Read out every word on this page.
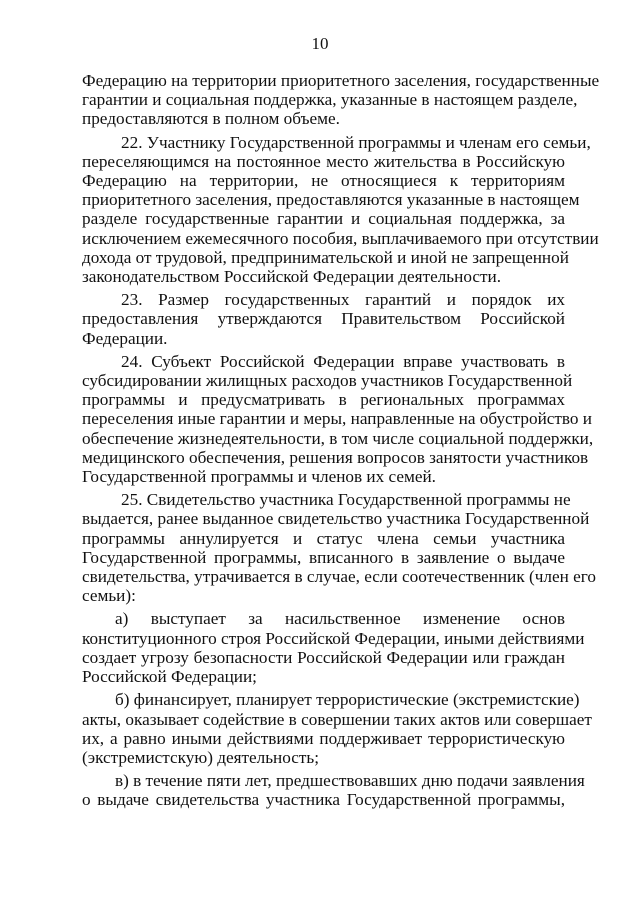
10

Федерацию на территории приоритетного заселения, государственные
гарантии и социальная поддержка, указанные в настоящем разделе,
предоставляются в полном объеме.

22. Участнику Государственной программы и членам его семьи,
переселяющимся на постоянное место жительства в Российскую
Федерацию на территории, не относящиеся к территориям
приоритетного заселения, предоставляются указанные в настоящем
разделе государственные гарантии и социальная поддержка, за
исключением ежемесячного пособия, выплачиваемого при отсутствии
дохода от трудовой, предпринимательской и иной не запрещенной
законодательством Российской Федерации деятельности.

23. Размер государственных гарантий и порядок их
предоставления утверждаются Правительством Российской
Федерации.

24. Субъект Российской Федерации вправе участвовать в
субсидировании жилищных расходов участников Государственной
программы и предусматривать в региональных программах
переселения иные гарантии и меры, направленные на обустройство и
обеспечение жизнедеятельности, в том числе социальной поддержки,
медицинского обеспечения, решения вопросов занятости участников
Государственной программы и членов их семей.

25. Свидетельство участника Государственной программы не
выдается, ранее выданное свидетельство участника Государственной
программы аннулируется и статус члена семьи участника
Государственной программы, вписанного в заявление о выдаче
свидетельства, утрачивается в случае, если соотечественник (член его
семьи):

а) выступает за насильственное изменение основ
конституционного строя Российской Федерации, иными действиями
создает угрозу безопасности Российской Федерации или граждан
Российской Федерации;

б) финансирует, планирует террористические (экстремистские)
акты, оказывает содействие в совершении таких актов или совершает
их, а равно иными действиями поддерживает террористическую
(экстремистскую) деятельность;

в) в течение пяти лет, предшествовавших дню подачи заявления
о выдаче свидетельства участника Государственной программы,
